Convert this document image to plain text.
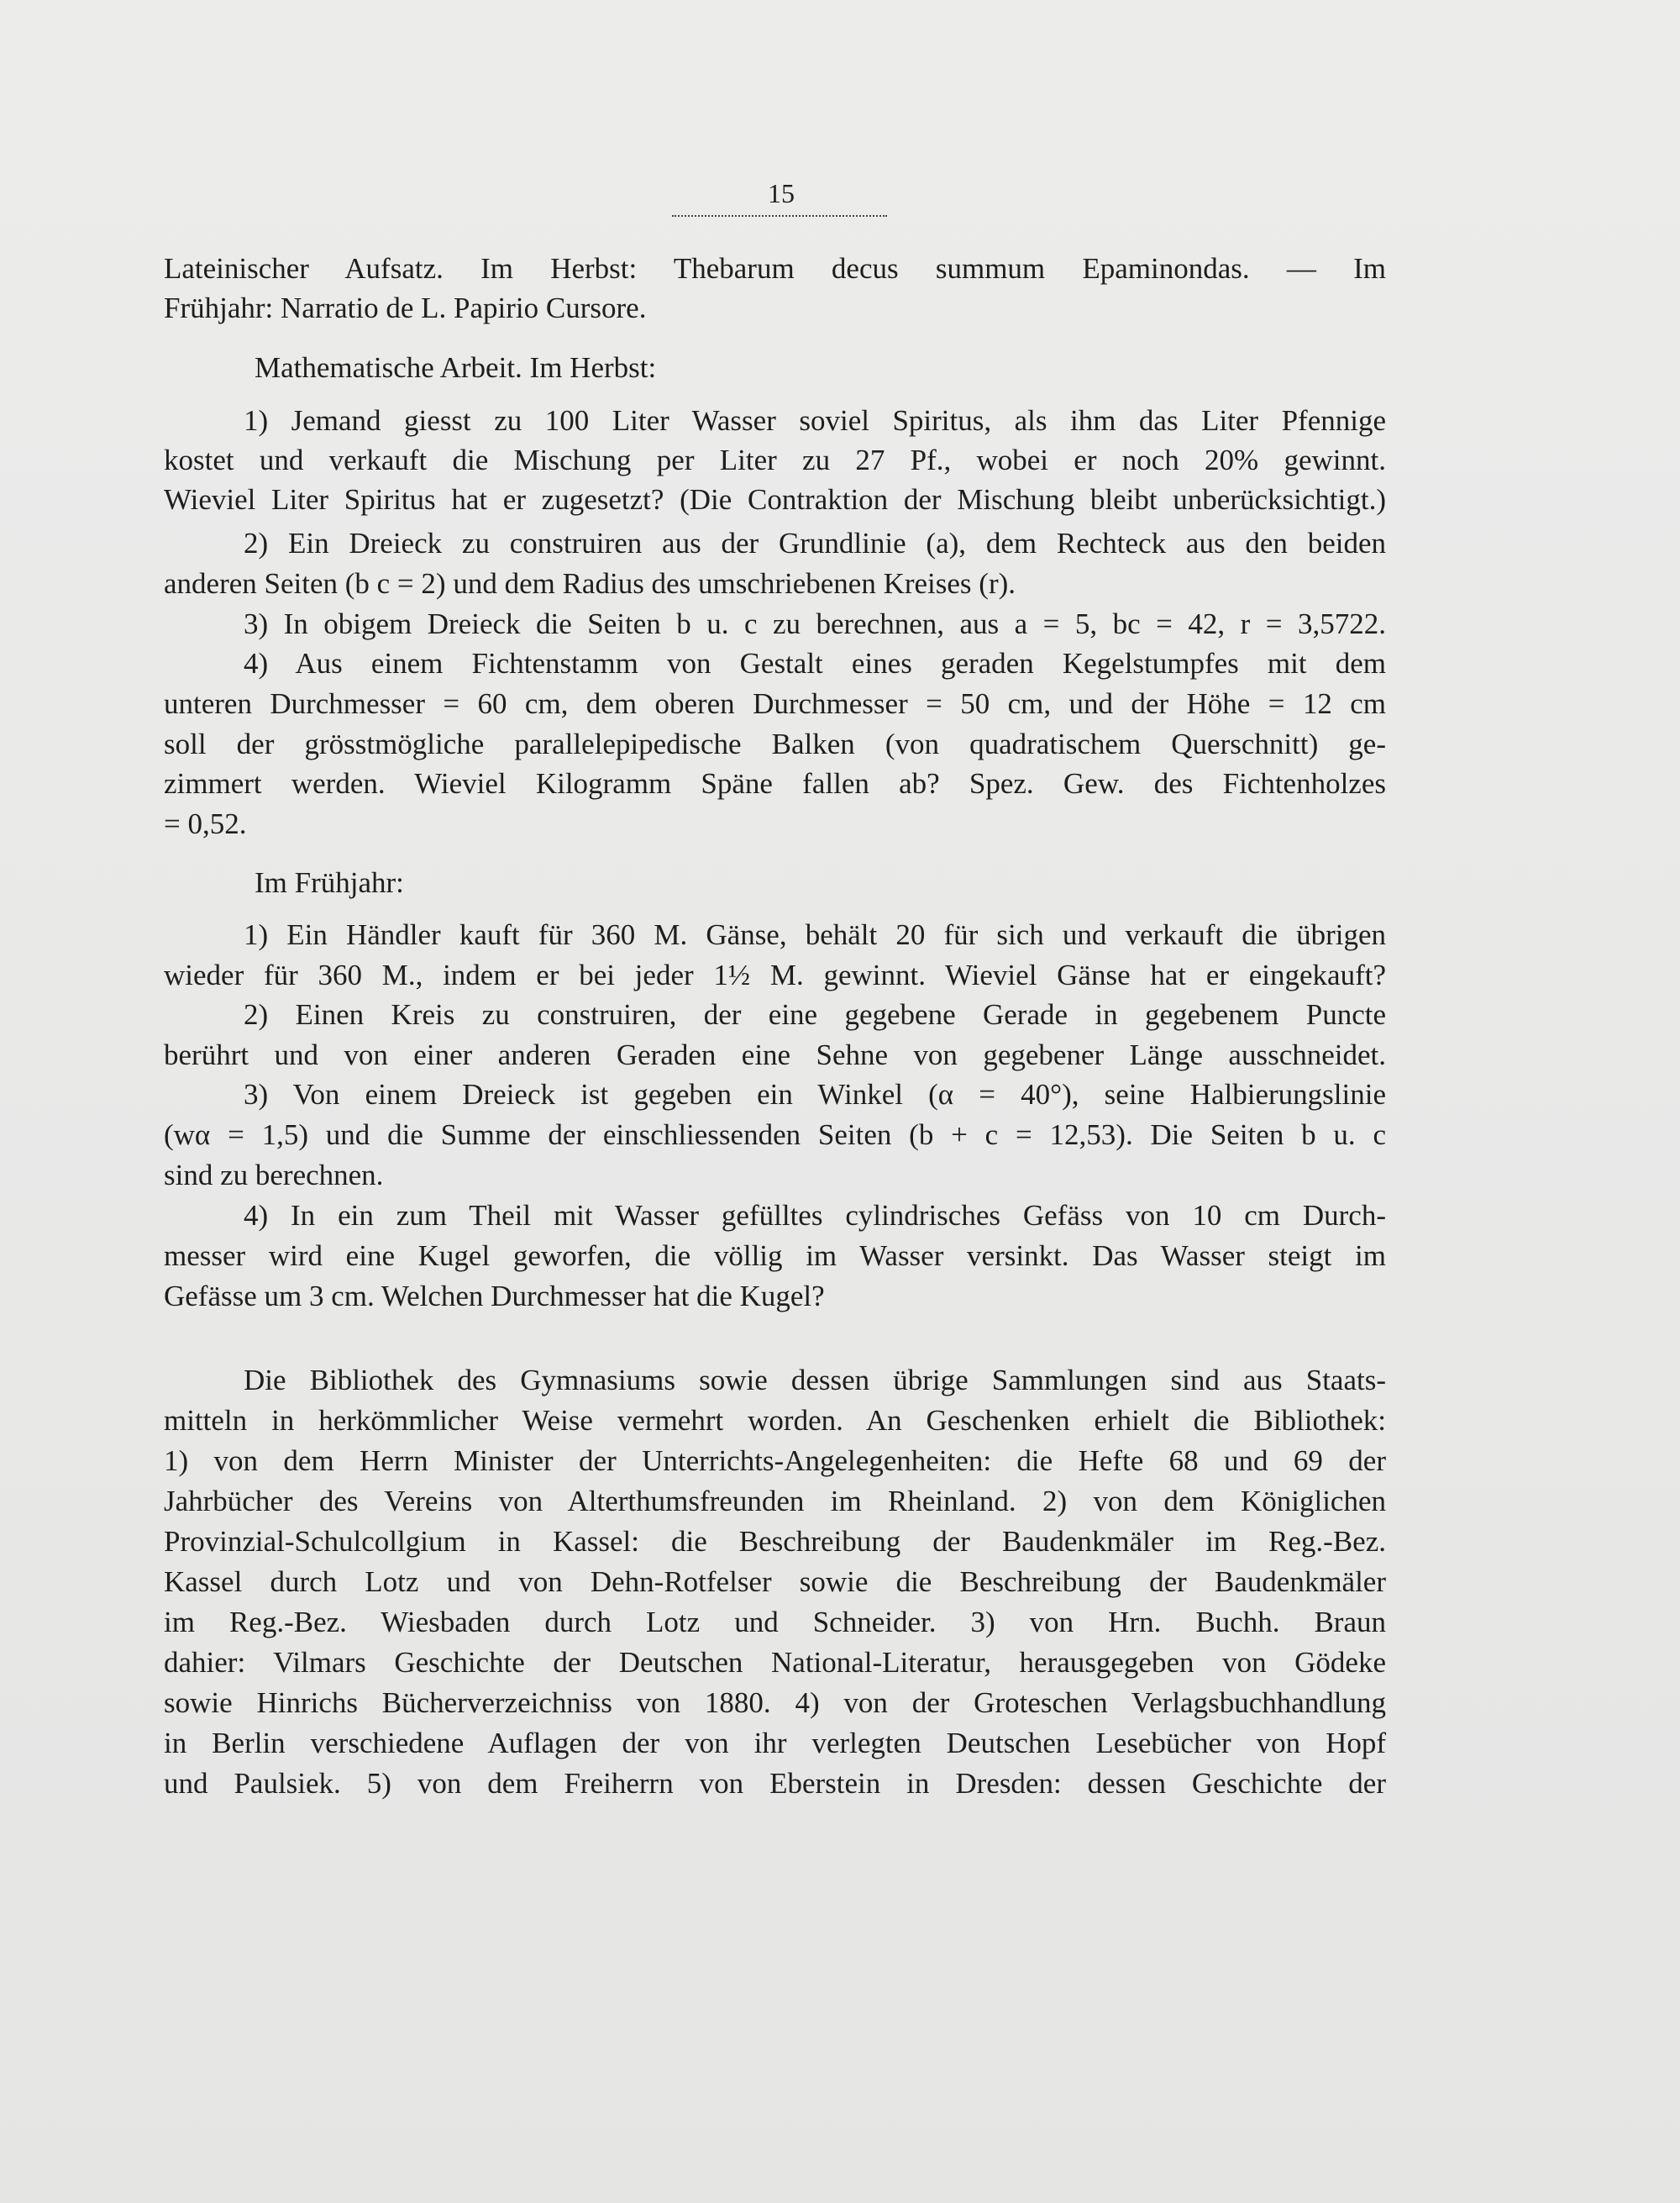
15
Lateinischer Aufsatz. Im Herbst: Thebarum decus summum Epaminondas. — Im
Frühjahr: Narratio de L. Papirio Cursore.
Mathematische Arbeit. Im Herbst:
1) Jemand giesst zu 100 Liter Wasser soviel Spiritus, als ihm das Liter Pfennige
kostet und verkauft die Mischung per Liter zu 27 Pf., wobei er noch 20% gewinnt.
Wieviel Liter Spiritus hat er zugesetzt? (Die Contraktion der Mischung bleibt unberücksichtigt.)
2) Ein Dreieck zu construiren aus der Grundlinie (a), dem Rechteck aus den beiden
anderen Seiten (b c = 2) und dem Radius des umschriebenen Kreises (r).
3) In obigem Dreieck die Seiten b u. c zu berechnen, aus a = 5, bc = 42, r = 3,5722.
4) Aus einem Fichtenstamm von Gestalt eines geraden Kegelstumpfes mit dem
unteren Durchmesser = 60 cm, dem oberen Durchmesser = 50 cm, und der Höhe = 12 cm
soll der grösstmögliche parallelepipedische Balken (von quadratischem Querschnitt) ge-
zimmert werden. Wieviel Kilogramm Späne fallen ab? Spez. Gew. des Fichtenholzes
= 0,52.
Im Frühjahr:
1) Ein Händler kauft für 360 M. Gänse, behält 20 für sich und verkauft die übrigen
wieder für 360 M., indem er bei jeder 1½ M. gewinnt. Wieviel Gänse hat er eingekauft?
2) Einen Kreis zu construiren, der eine gegebene Gerade in gegebenem Puncte
berührt und von einer anderen Geraden eine Sehne von gegebener Länge ausschneidet.
3) Von einem Dreieck ist gegeben ein Winkel (α = 40°), seine Halbierungslinie
(wα = 1,5) und die Summe der einschliessenden Seiten (b + c = 12,53). Die Seiten b u. c
sind zu berechnen.
4) In ein zum Theil mit Wasser gefülltes cylindrisches Gefäss von 10 cm Durch-
messer wird eine Kugel geworfen, die völlig im Wasser versinkt. Das Wasser steigt im
Gefässe um 3 cm. Welchen Durchmesser hat die Kugel?
Die Bibliothek des Gymnasiums sowie dessen übrige Sammlungen sind aus Staats-
mitteln in herkömmlicher Weise vermehrt worden. An Geschenken erhielt die Bibliothek:
1) von dem Herrn Minister der Unterrichts-Angelegenheiten: die Hefte 68 und 69 der
Jahrbücher des Vereins von Alterthumsfreunden im Rheinland. 2) von dem Königlichen
Provinzial-Schulcollgium in Kassel: die Beschreibung der Baudenkmäler im Reg.-Bez.
Kassel durch Lotz und von Dehn-Rotfelser sowie die Beschreibung der Baudenkmäler
im Reg.-Bez. Wiesbaden durch Lotz und Schneider. 3) von Hrn. Buchh. Braun
dahier: Vilmars Geschichte der Deutschen National-Literatur, herausgegeben von Gödeke
sowie Hinrichs Bücherverzeichniss von 1880. 4) von der Groteschen Verlagsbuchhandlung
in Berlin verschiedene Auflagen der von ihr verlegten Deutschen Lesebücher von Hopf
und Paulsiek. 5) von dem Freiherrn von Eberstein in Dresden: dessen Geschichte der
